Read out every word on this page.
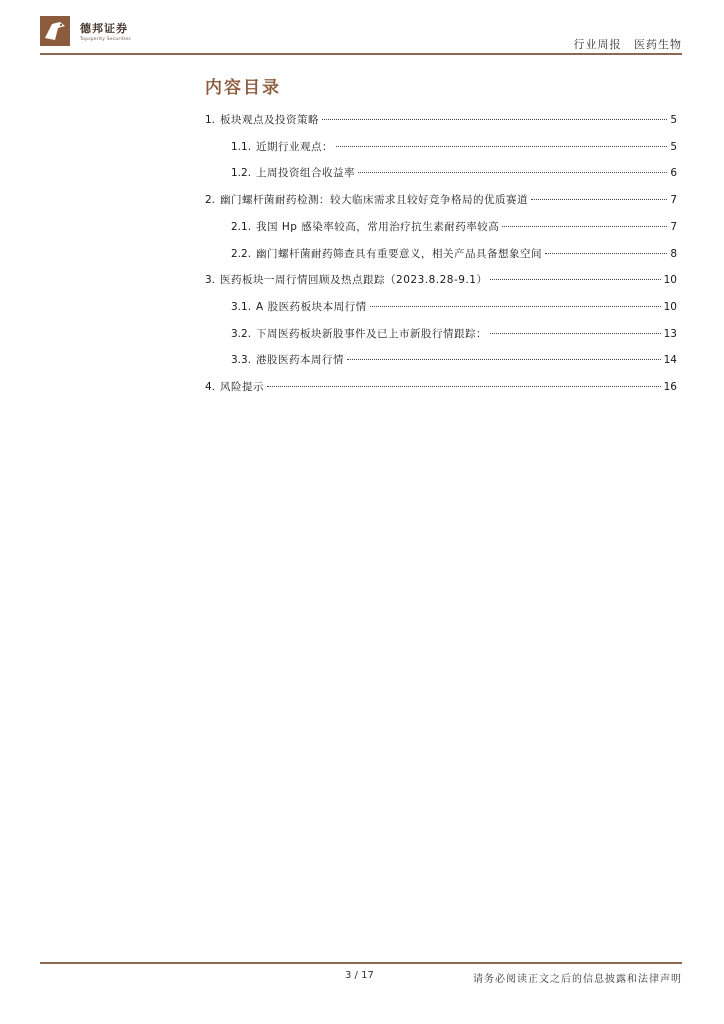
德邦证券
Topsperity Securities	行业周报 医药生物
内容目录
1. 板块观点及投资策略	5
1.1. 近期行业观点：	5
1.2. 上周投资组合收益率	6
2. 幽门螺杆菌耐药检测：较大临床需求且较好竞争格局的优质赛道	7
2.1. 我国 Hp 感染率较高，常用治疗抗生素耐药率较高	7
2.2. 幽门螺杆菌耐药筛查具有重要意义，相关产品具备想象空间	8
3. 医药板块一周行情回顾及热点跟踪（2023.8.28-9.1）	10
3.1. A 股医药板块本周行情	10
3.2. 下周医药板块新股事件及已上市新股行情跟踪：	13
3.3. 港股医药本周行情	14
4. 风险提示	16
3 / 17	请务必阅读正文之后的信息披露和法律声明
